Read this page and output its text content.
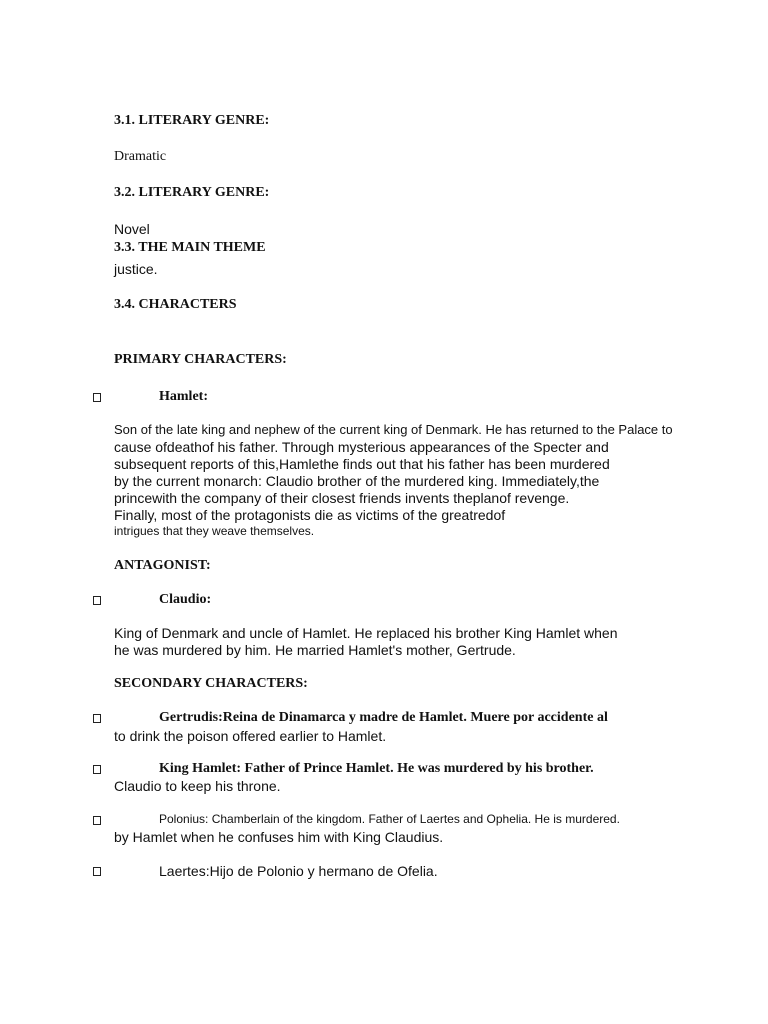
3.1. LITERARY GENRE:
Dramatic
3.2. LITERARY GENRE:
Novel
3.3. THE MAIN THEME
justice.
3.4. CHARACTERS
PRIMARY CHARACTERS:
Hamlet:
Son of the late king and nephew of the current king of Denmark. He has returned to the Palace to
cause ofdeathof his father. Through mysterious appearances of the Specter and
subsequent reports of this,Hamlethe finds out that his father has been murdered
by the current monarch: Claudio brother of the murdered king. Immediately,the
princewith the company of their closest friends invents theplanof revenge.
Finally, most of the protagonists die as victims of the greatredof
intrigues that they weave themselves.
ANTAGONIST:
Claudio:
King of Denmark and uncle of Hamlet. He replaced his brother King Hamlet when
he was murdered by him. He married Hamlet's mother, Gertrude.
SECONDARY CHARACTERS:
Gertrudis:Reina de Dinamarca y madre de Hamlet. Muere por accidente al
to drink the poison offered earlier to Hamlet.
King Hamlet: Father of Prince Hamlet. He was murdered by his brother.
Claudio to keep his throne.
Polonius: Chamberlain of the kingdom. Father of Laertes and Ophelia. He is murdered.
by Hamlet when he confuses him with King Claudius.
Laertes:Hijo de Polonio y hermano de Ofelia.
